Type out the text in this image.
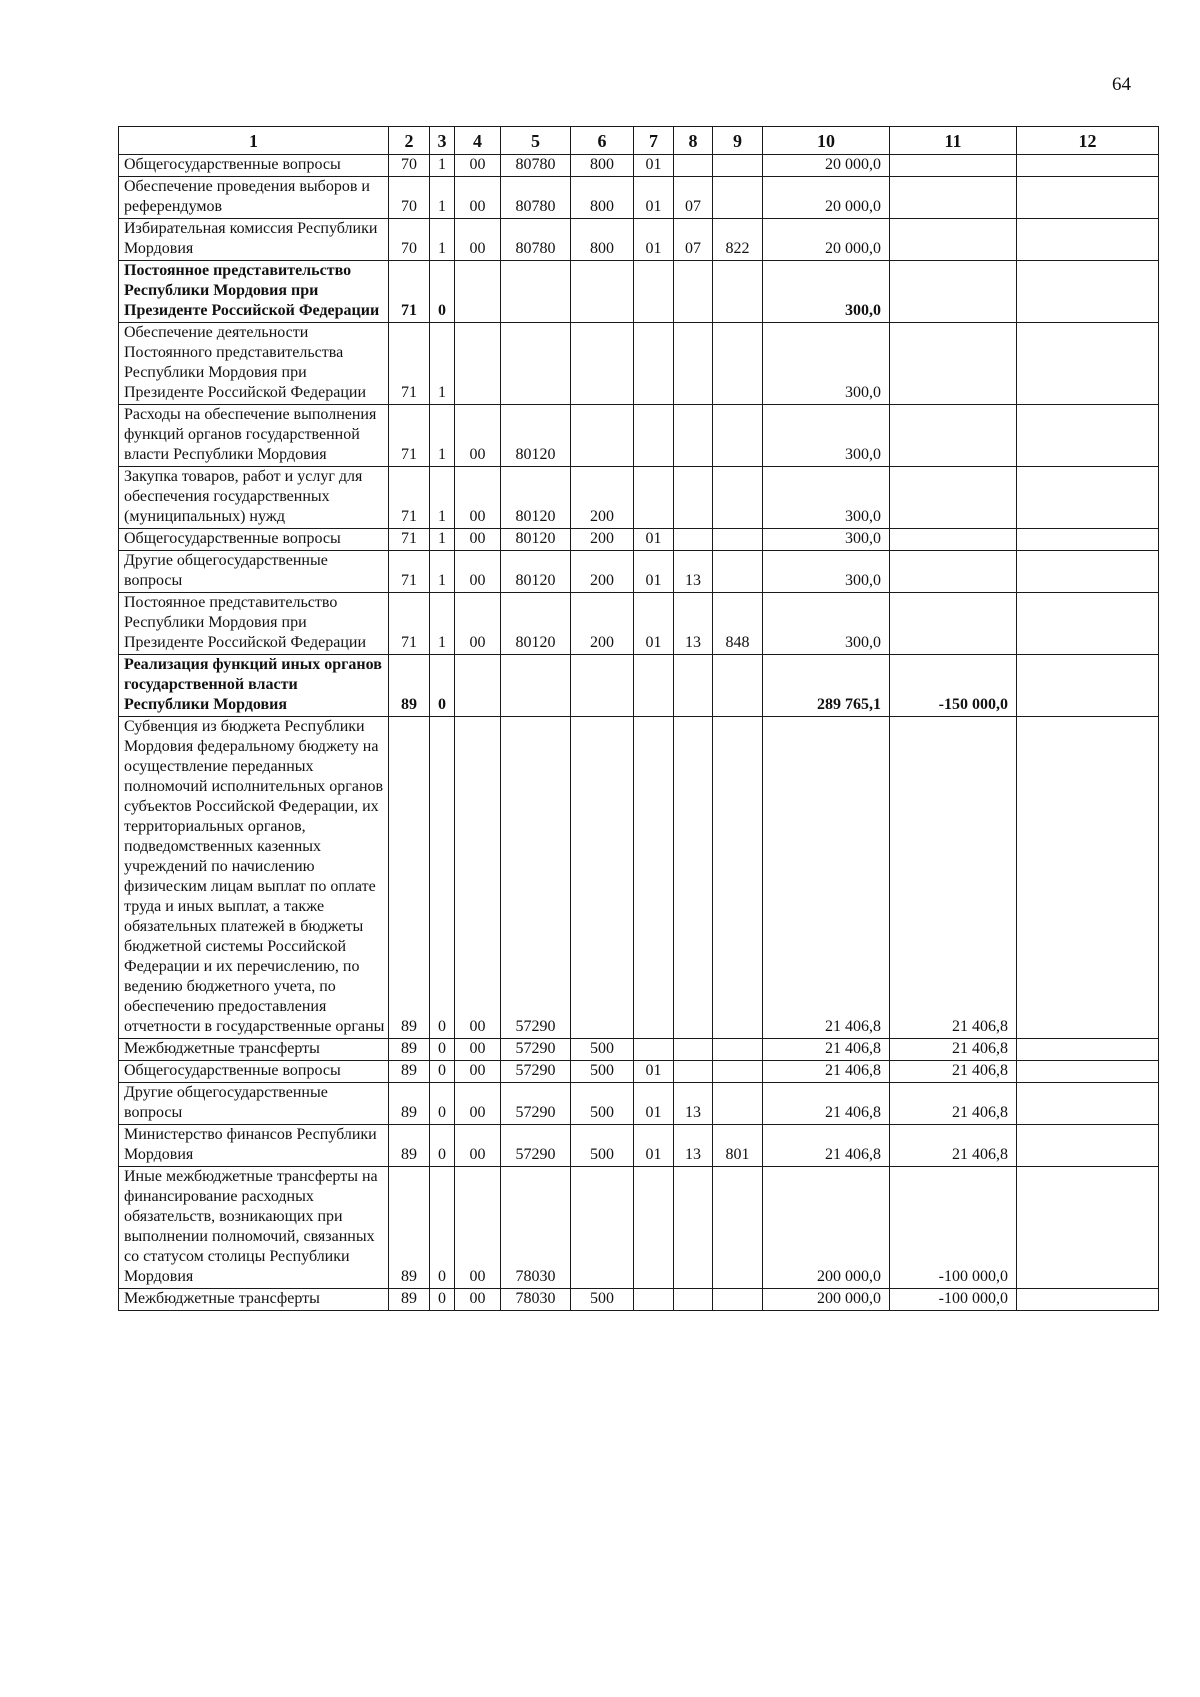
64
1	2	3	4	5	6	7	8	9	10	11	12
Общегосударственные вопросы	70	1	00	80780	800	01			20 000,0		
Обеспечение проведения выборов и референдумов	70	1	00	80780	800	01	07		20 000,0		
Избирательная комиссия Республики Мордовия	70	1	00	80780	800	01	07	822	20 000,0		
Постоянное представительство Республики Мордовия при Президенте Российской Федерации	71	0							300,0		
Обеспечение деятельности Постоянного представительства Республики Мордовия при Президенте Российской Федерации	71	1							300,0		
Расходы на обеспечение выполнения функций органов государственной власти Республики Мордовия	71	1	00	80120					300,0		
Закупка товаров, работ и услуг для обеспечения государственных (муниципальных) нужд	71	1	00	80120	200				300,0		
Общегосударственные вопросы	71	1	00	80120	200	01			300,0		
Другие общегосударственные вопросы	71	1	00	80120	200	01	13		300,0		
Постоянное представительство Республики Мордовия при Президенте Российской Федерации	71	1	00	80120	200	01	13	848	300,0		
Реализация функций иных органов государственной власти Республики Мордовия	89	0							289 765,1	-150 000,0	
Субвенция из бюджета Республики Мордовия федеральному бюджету на осуществление переданных полномочий исполнительных органов субъектов Российской Федерации, их территориальных органов, подведомственных казенных учреждений по начислению физическим лицам выплат по оплате труда и иных выплат, а также обязательных платежей в бюджеты бюджетной системы Российской Федерации и их перечислению, по ведению бюджетного учета, по обеспечению предоставления отчетности в государственные органы	89	0	00	57290					21 406,8	21 406,8	
Межбюджетные трансферты	89	0	00	57290	500				21 406,8	21 406,8	
Общегосударственные вопросы	89	0	00	57290	500	01			21 406,8	21 406,8	
Другие общегосударственные вопросы	89	0	00	57290	500	01	13		21 406,8	21 406,8	
Министерство финансов Республики Мордовия	89	0	00	57290	500	01	13	801	21 406,8	21 406,8	
Иные межбюджетные трансферты на финансирование расходных обязательств, возникающих при выполнении полномочий, связанных со статусом столицы Республики Мордовия	89	0	00	78030					200 000,0	-100 000,0	
Межбюджетные трансферты	89	0	00	78030	500				200 000,0	-100 000,0	
